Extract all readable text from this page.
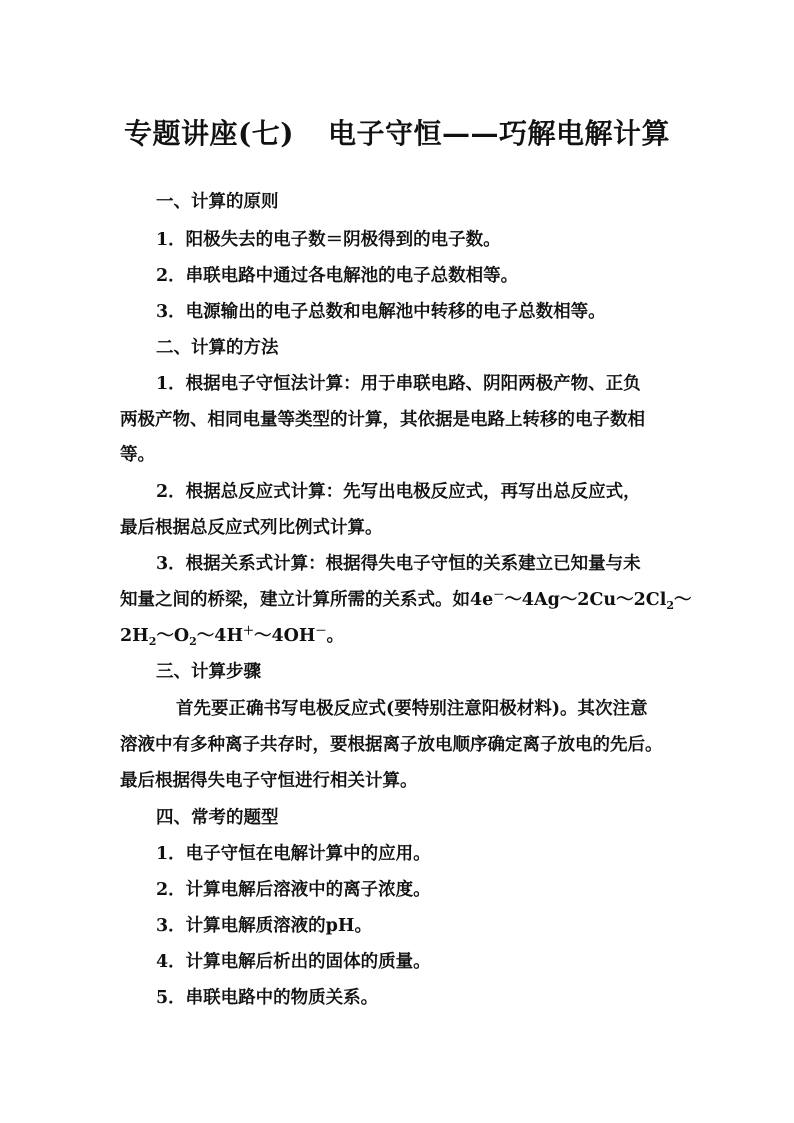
专题讲座(七) 电子守恒——巧解电解计算
一、计算的原则
1．阳极失去的电子数＝阴极得到的电子数。
2．串联电路中通过各电解池的电子总数相等。
3．电源输出的电子总数和电解池中转移的电子总数相等。
二、计算的方法
1．根据电子守恒法计算：用于串联电路、阴阳两极产物、正负
两极产物、相同电量等类型的计算，其依据是电路上转移的电子数相
等。
2．根据总反应式计算：先写出电极反应式，再写出总反应式，
最后根据总反应式列比例式计算。
3．根据关系式计算：根据得失电子守恒的关系建立已知量与未
知量之间的桥梁，建立计算所需的关系式。如$4e^-\sim 4Ag\sim 2Cu\sim 2Cl_2\sim$
$2H_2\sim O_2\sim 4H^+\sim 4OH^-$。
三、计算步骤
首先要正确书写电极反应式(要特别注意阳极材料)。其次注意
溶液中有多种离子共存时，要根据离子放电顺序确定离子放电的先后。
最后根据得失电子守恒进行相关计算。
四、常考的题型
1．电子守恒在电解计算中的应用。
2．计算电解后溶液中的离子浓度。
3．计算电解质溶液的pH。
4．计算电解后析出的固体的质量。
5．串联电路中的物质关系。
